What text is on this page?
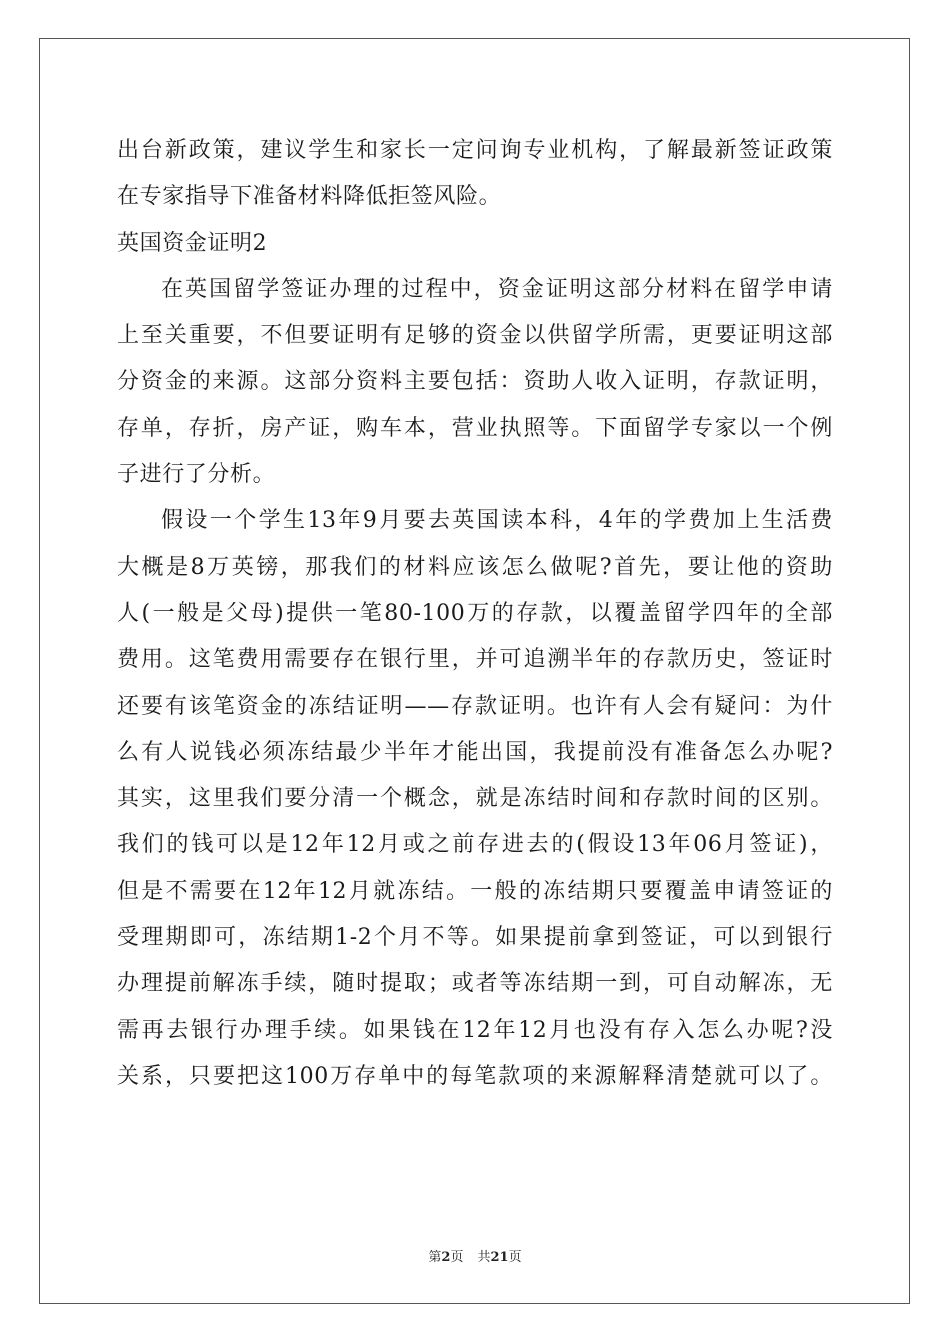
出台新政策，建议学生和家长一定问询专业机构，了解最新签证政策
在专家指导下准备材料降低拒签风险。
英国资金证明2
在英国留学签证办理的过程中，资金证明这部分材料在留学申请
上至关重要，不但要证明有足够的资金以供留学所需，更要证明这部
分资金的来源。这部分资料主要包括：资助人收入证明，存款证明，
存单，存折，房产证，购车本，营业执照等。下面留学专家以一个例
子进行了分析。
假设一个学生13年9月要去英国读本科，4年的学费加上生活费
大概是8万英镑，那我们的材料应该怎么做呢?首先，要让他的资助
人(一般是父母)提供一笔80-100万的存款，以覆盖留学四年的全部
费用。这笔费用需要存在银行里，并可追溯半年的存款历史，签证时
还要有该笔资金的冻结证明——存款证明。也许有人会有疑问：为什
么有人说钱必须冻结最少半年才能出国，我提前没有准备怎么办呢?
其实，这里我们要分清一个概念，就是冻结时间和存款时间的区别。
我们的钱可以是12年12月或之前存进去的(假设13年06月签证)，
但是不需要在12年12月就冻结。一般的冻结期只要覆盖申请签证的
受理期即可，冻结期1-2个月不等。如果提前拿到签证，可以到银行
办理提前解冻手续，随时提取；或者等冻结期一到，可自动解冻，无
需再去银行办理手续。如果钱在12年12月也没有存入怎么办呢?没
关系，只要把这100万存单中的每笔款项的来源解释清楚就可以了。
第2页 共21页
